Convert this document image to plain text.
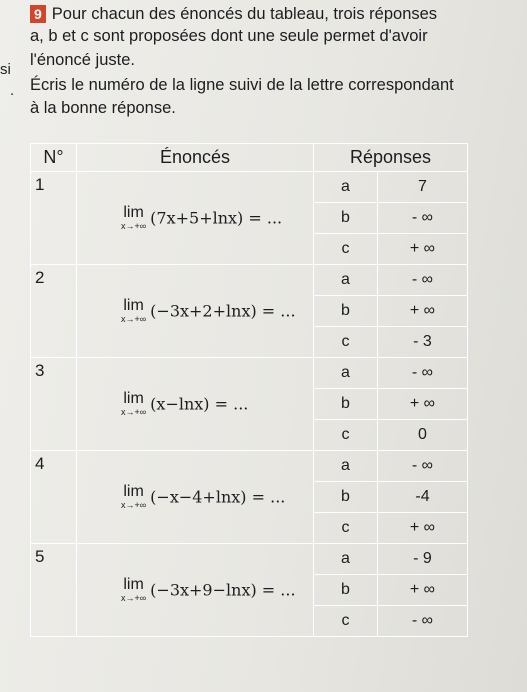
si
.
9 Pour chacun des énoncés du tableau, trois réponses
a, b et c sont proposées dont une seule permet d'avoir
l'énoncé juste.
Écris le numéro de la ligne suivi de la lettre correspondant
à la bonne réponse.
N°	Énoncés	Réponses	
1	lim
x→+∞ (7x+5+lnx) = ...	a	7
		b	- ∞
		c	+ ∞
2	lim
x→+∞ (−3x+2+lnx) = ...	a	- ∞
		b	+ ∞
		c	- 3
3	lim
x→+∞ (x−lnx) = ...	a	- ∞
		b	+ ∞
		c	0
4	lim
x→+∞ (−x−4+lnx) = ...	a	- ∞
		b	-4
		c	+ ∞
5	lim
x→+∞ (−3x+9−lnx) = ...	a	- 9
		b	+ ∞
		c	- ∞
